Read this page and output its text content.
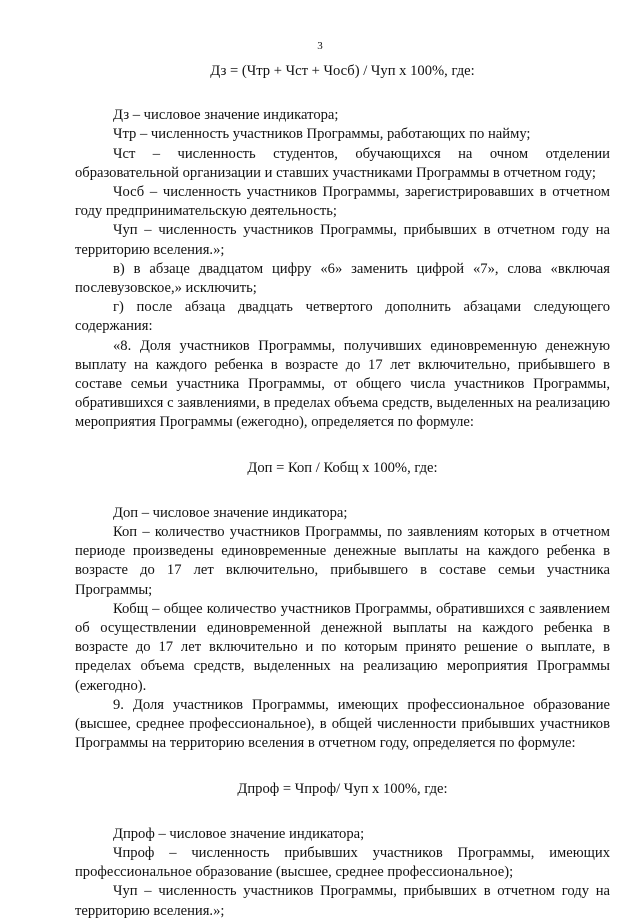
3
Дз = (Чтр + Чст + Чосб) / Чуп x 100%, где:

Дз – числовое значение индикатора;

Чтр – численность участников Программы, работающих по найму;

Чст – численность студентов, обучающихся на очном отделении образовательной организации и ставших участниками Программы в отчетном году;

Чосб – численность участников Программы, зарегистрировавших в отчетном году предпринимательскую деятельность;

Чуп – численность участников Программы, прибывших в отчетном году на территорию вселения.»;

в) в абзаце двадцатом цифру «6» заменить цифрой «7», слова «включая послевузовское,» исключить;

г) после абзаца двадцать четвертого дополнить абзацами следующего содержания:

«8. Доля участников Программы, получивших единовременную денежную выплату на каждого ребенка в возрасте до 17 лет включительно, прибывшего в составе семьи участника Программы, от общего числа участников Программы, обратившихся с заявлениями, в пределах объема средств, выделенных на реализацию мероприятия Программы (ежегодно), определяется по формуле:

Доп = Коп / Кобщ x 100%, где:

Доп – числовое значение индикатора;

Коп – количество участников Программы, по заявлениям которых в отчетном периоде произведены единовременные денежные выплаты на каждого ребенка в возрасте до 17 лет включительно, прибывшего в составе семьи участника Программы;

Кобщ – общее количество участников Программы, обратившихся с заявлением об осуществлении единовременной денежной выплаты на каждого ребенка в возрасте до 17 лет включительно и по которым принято решение о выплате, в пределах объема средств, выделенных на реализацию мероприятия Программы (ежегодно).

9. Доля участников Программы, имеющих профессиональное образование (высшее, среднее профессиональное), в общей численности прибывших участников Программы на территорию вселения в отчетном году, определяется по формуле:

Дпроф = Чпроф/ Чуп x 100%, где:

Дпроф – числовое значение индикатора;

Чпроф – численность прибывших участников Программы, имеющих профессиональное образование (высшее, среднее профессиональное);

Чуп – численность участников Программы, прибывших в отчетном году на территорию вселения.»;
